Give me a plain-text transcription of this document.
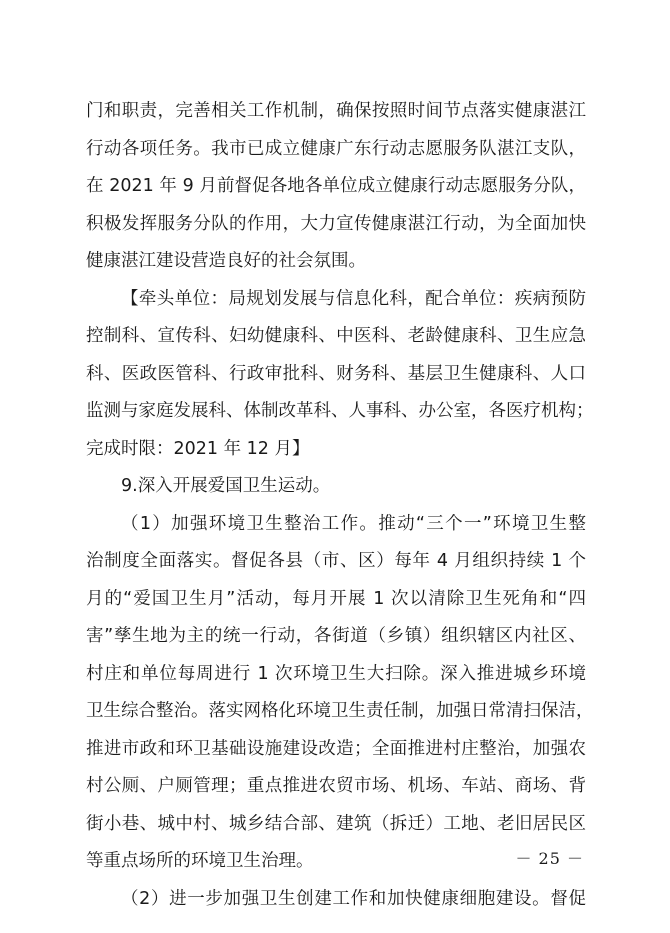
门和职责，完善相关工作机制，确保按照时间节点落实健康湛江

行动各项任务。我市已成立健康广东行动志愿服务队湛江支队，

在 2021 年 9 月前督促各地各单位成立健康行动志愿服务分队，

积极发挥服务分队的作用，大力宣传健康湛江行动，为全面加快

健康湛江建设营造良好的社会氛围。

【牵头单位：局规划发展与信息化科，配合单位：疾病预防

控制科、宣传科、妇幼健康科、中医科、老龄健康科、卫生应急

科、医政医管科、行政审批科、财务科、基层卫生健康科、人口

监测与家庭发展科、体制改革科、人事科、办公室，各医疗机构；

完成时限：2021 年 12 月】

9.深入开展爱国卫生运动。

（1）加强环境卫生整治工作。推动“三个一”环境卫生整

治制度全面落实。督促各县（市、区）每年 4 月组织持续 1 个

月的“爱国卫生月”活动，每月开展 1 次以清除卫生死角和“四

害”孳生地为主的统一行动，各街道（乡镇）组织辖区内社区、

村庄和单位每周进行 1 次环境卫生大扫除。深入推进城乡环境

卫生综合整治。落实网格化环境卫生责任制，加强日常清扫保洁，

推进市政和环卫基础设施建设改造；全面推进村庄整治，加强农

村公厕、户厕管理；重点推进农贸市场、机场、车站、商场、背

街小巷、城中村、城乡结合部、建筑（拆迁）工地、老旧居民区

等重点场所的环境卫生治理。

（2）进一步加强卫生创建工作和加快健康细胞建设。督促

－ 25 －
